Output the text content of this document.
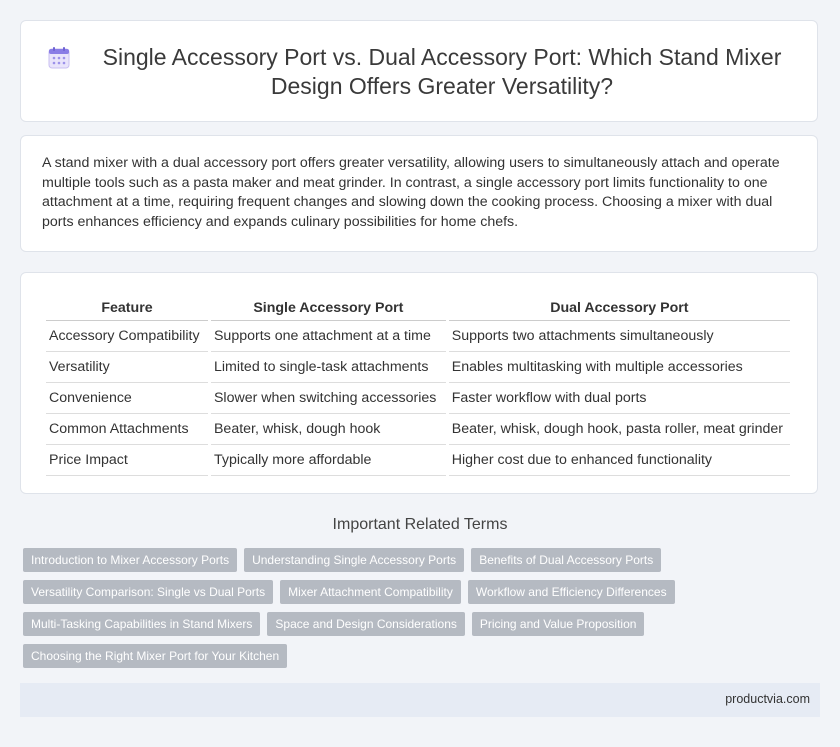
Single Accessory Port vs. Dual Accessory Port: Which Stand Mixer Design Offers Greater Versatility?
A stand mixer with a dual accessory port offers greater versatility, allowing users to simultaneously attach and operate multiple tools such as a pasta maker and meat grinder. In contrast, a single accessory port limits functionality to one attachment at a time, requiring frequent changes and slowing down the cooking process. Choosing a mixer with dual ports enhances efficiency and expands culinary possibilities for home chefs.
Feature	Single Accessory Port	Dual Accessory Port
Accessory Compatibility	Supports one attachment at a time	Supports two attachments simultaneously
Versatility	Limited to single-task attachments	Enables multitasking with multiple accessories
Convenience	Slower when switching accessories	Faster workflow with dual ports
Common Attachments	Beater, whisk, dough hook	Beater, whisk, dough hook, pasta roller, meat grinder
Price Impact	Typically more affordable	Higher cost due to enhanced functionality
Important Related Terms
Introduction to Mixer Accessory Ports	Understanding Single Accessory Ports	Benefits of Dual Accessory Ports
Versatility Comparison: Single vs Dual Ports	Mixer Attachment Compatibility	Workflow and Efficiency Differences
Multi-Tasking Capabilities in Stand Mixers	Space and Design Considerations	Pricing and Value Proposition
Choosing the Right Mixer Port for Your Kitchen
productvia.com
